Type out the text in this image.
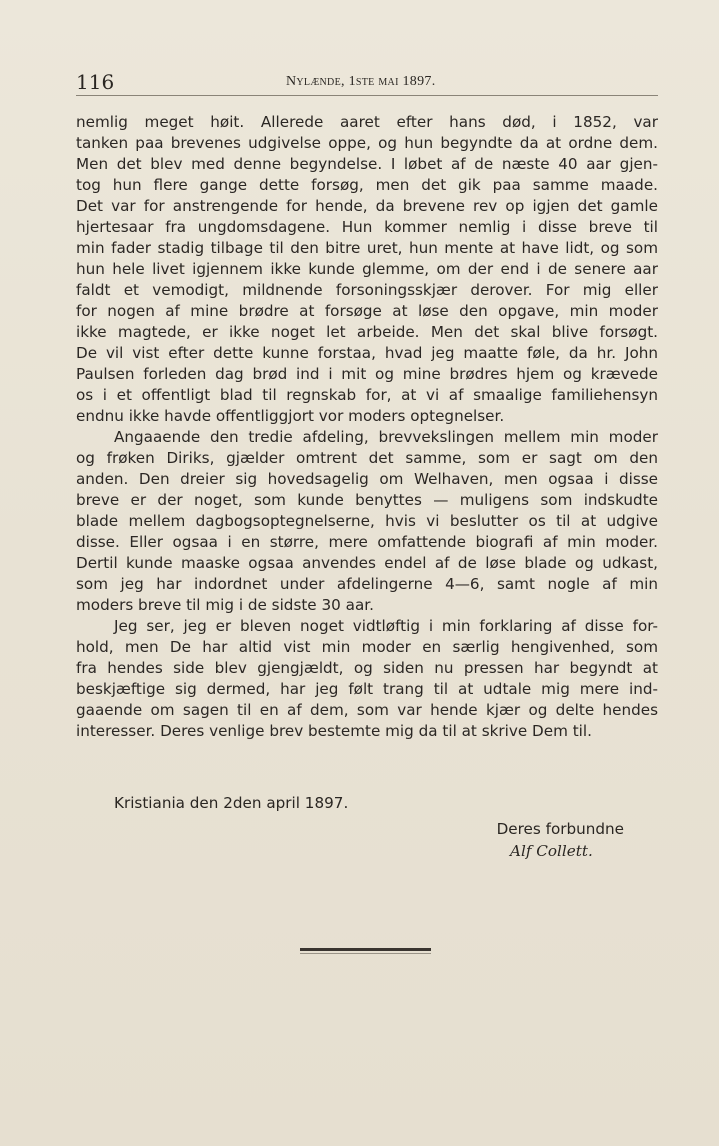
116	Nylænde, 1ste mai 1897.
nemlig meget høit. Allerede aaret efter hans død, i 1852, var
tanken paa brevenes udgivelse oppe, og hun begyndte da at ordne dem.
Men det blev med denne begyndelse. I løbet af de næste 40 aar gjen-
tog hun flere gange dette forsøg, men det gik paa samme maade.
Det var for anstrengende for hende, da brevene rev op igjen det gamle
hjertesaar fra ungdomsdagene. Hun kommer nemlig i disse breve til
min fader stadig tilbage til den bitre uret, hun mente at have lidt, og som
hun hele livet igjennem ikke kunde glemme, om der end i de senere aar
faldt et vemodigt, mildnende forsoningsskjær derover. For mig eller
for nogen af mine brødre at forsøge at løse den opgave, min moder
ikke magtede, er ikke noget let arbeide. Men det skal blive forsøgt.
De vil vist efter dette kunne forstaa, hvad jeg maatte føle, da hr. John
Paulsen forleden dag brød ind i mit og mine brødres hjem og krævede
os i et offentligt blad til regnskab for, at vi af smaalige familiehensyn
endnu ikke havde offentliggjort vor moders optegnelser.
Angaaende den tredie afdeling, brevvekslingen mellem min moder
og frøken Diriks, gjælder omtrent det samme, som er sagt om den
anden. Den dreier sig hovedsagelig om Welhaven, men ogsaa i disse
breve er der noget, som kunde benyttes — muligens som indskudte
blade mellem dagbogsoptegnelserne, hvis vi beslutter os til at udgive
disse. Eller ogsaa i en større, mere omfattende biografi af min moder.
Dertil kunde maaske ogsaa anvendes endel af de løse blade og udkast,
som jeg har indordnet under afdelingerne 4—6, samt nogle af min
moders breve til mig i de sidste 30 aar.
Jeg ser, jeg er bleven noget vidtløftig i min forklaring af disse for-
hold, men De har altid vist min moder en særlig hengivenhed, som
fra hendes side blev gjengjældt, og siden nu pressen har begyndt at
beskjæftige sig dermed, har jeg følt trang til at udtale mig mere ind-
gaaende om sagen til en af dem, som var hende kjær og delte hendes
interesser. Deres venlige brev bestemte mig da til at skrive Dem til.
Kristiania den 2den april 1897.
Deres forbundne
Alf Collett.
